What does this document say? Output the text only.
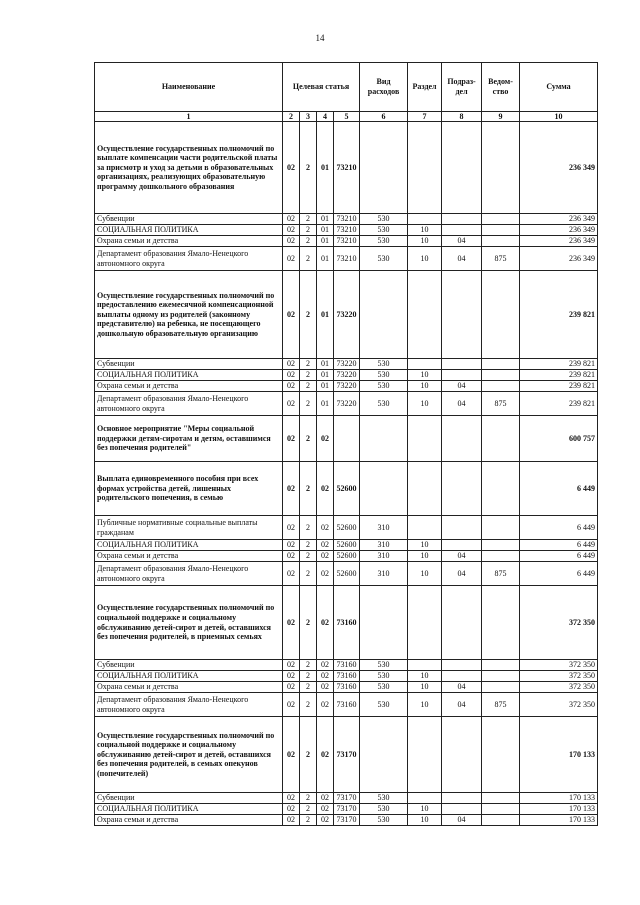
14
Наименование	Целевая статья				Вид расходов	Раздел	Подраз-дел	Ведом-ство	Сумма
1	2	3	4	5	6	7	8	9	10
Осуществление государственных полномочий по выплате компенсации части родительской платы за присмотр и уход за детьми в образовательных организациях, реализующих образовательную программу дошкольного образования	02	2	01	73210					236 349
Субвенции	02	2	01	73210	530				236 349
СОЦИАЛЬНАЯ ПОЛИТИКА	02	2	01	73210	530	10			236 349
Охрана семьи и детства	02	2	01	73210	530	10	04		236 349
Департамент образования Ямало-Ненецкого автономного округа	02	2	01	73210	530	10	04	875	236 349
Осуществление государственных полномочий по предоставлению ежемесячной компенсационной выплаты одному из родителей (законному представителю) на ребенка, не посещающего дошкольную образовательную организацию	02	2	01	73220					239 821
Субвенции	02	2	01	73220	530				239 821
СОЦИАЛЬНАЯ ПОЛИТИКА	02	2	01	73220	530	10			239 821
Охрана семьи и детства	02	2	01	73220	530	10	04		239 821
Департамент образования Ямало-Ненецкого автономного округа	02	2	01	73220	530	10	04	875	239 821
Основное мероприятие "Меры социальной поддержки детям-сиротам и детям, оставшимся без попечения родителей"	02	2	02						600 757
Выплата единовременного пособия при всех формах устройства детей, лишенных родительского попечения, в семью	02	2	02	52600					6 449
Публичные нормативные социальные выплаты гражданам	02	2	02	52600	310				6 449
СОЦИАЛЬНАЯ ПОЛИТИКА	02	2	02	52600	310	10			6 449
Охрана семьи и детства	02	2	02	52600	310	10	04		6 449
Департамент образования Ямало-Ненецкого автономного округа	02	2	02	52600	310	10	04	875	6 449
Осуществление государственных полномочий по социальной поддержке и социальному обслуживанию детей-сирот и детей, оставшихся без попечения родителей, в приемных семьях	02	2	02	73160					372 350
Субвенции	02	2	02	73160	530				372 350
СОЦИАЛЬНАЯ ПОЛИТИКА	02	2	02	73160	530	10			372 350
Охрана семьи и детства	02	2	02	73160	530	10	04		372 350
Департамент образования Ямало-Ненецкого автономного округа	02	2	02	73160	530	10	04	875	372 350
Осуществление государственных полномочий по социальной поддержке и социальному обслуживанию детей-сирот и детей, оставшихся без попечения родителей, в семьях опекунов (попечителей)	02	2	02	73170					170 133
Субвенции	02	2	02	73170	530				170 133
СОЦИАЛЬНАЯ ПОЛИТИКА	02	2	02	73170	530	10			170 133
Охрана семьи и детства	02	2	02	73170	530	10	04		170 133
